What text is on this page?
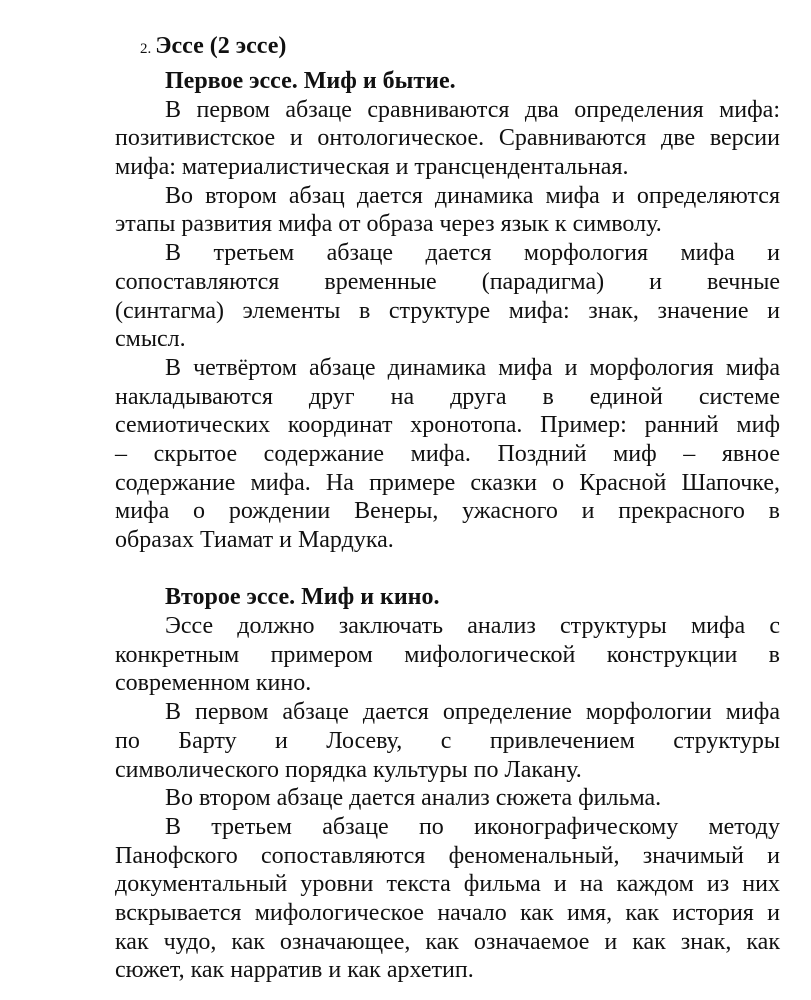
2. Эссе (2 эссе)
Первое эссе. Миф и бытие.
В первом абзаце сравниваются два определения мифа:
позитивистское и онтологическое. Сравниваются две версии
мифа: материалистическая и трансцендентальная.
Во втором абзац дается динамика мифа и определяются
этапы развития мифа от образа через язык к символу.
В третьем абзаце дается морфология мифа и
сопоставляются временные (парадигма) и вечные
(синтагма) элементы в структуре мифа: знак, значение и
смысл.
В четвёртом абзаце динамика мифа и морфология мифа
накладываются друг на друга в единой системе
семиотических координат хронотопа. Пример: ранний миф
– скрытое содержание мифа. Поздний миф – явное
содержание мифа. На примере сказки о Красной Шапочке,
мифа о рождении Венеры, ужасного и прекрасного в
образах Тиамат и Мардука.
Второе эссе. Миф и кино.
Эссе должно заключать анализ структуры мифа с
конкретным примером мифологической конструкции в
современном кино.
В первом абзаце дается определение морфологии мифа
по Барту и Лосеву, с привлечением структуры
символического порядка культуры по Лакану.
Во втором абзаце дается анализ сюжета фильма.
В третьем абзаце по иконографическому методу
Панофского сопоставляются феноменальный, значимый и
документальный уровни текста фильма и на каждом из них
вскрывается мифологическое начало как имя, как история и
как чудо, как означающее, как означаемое и как знак, как
сюжет, как нарратив и как архетип.
